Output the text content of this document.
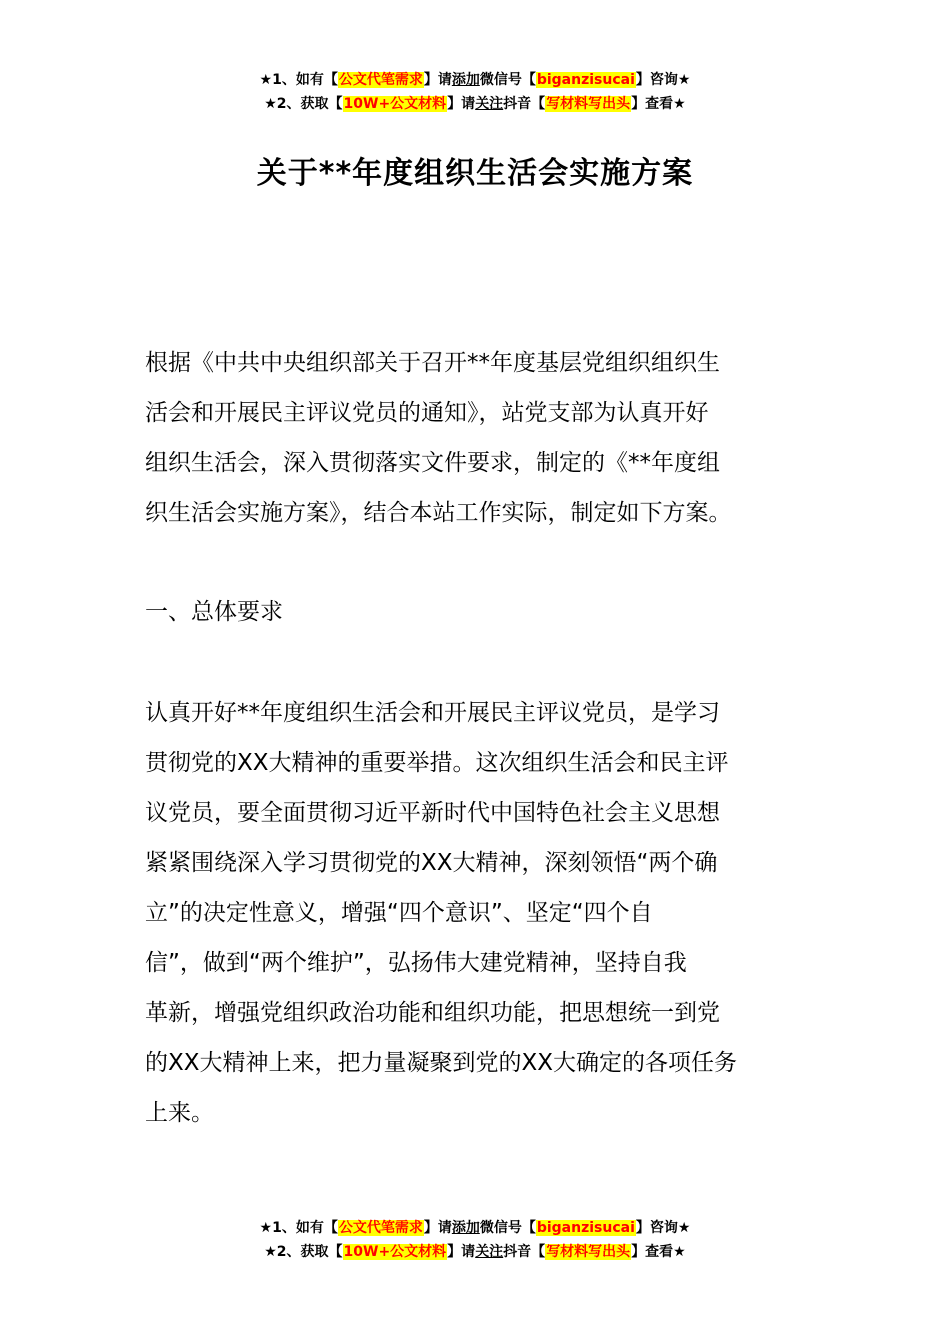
★1、如有【公文代笔需求】请添加微信号【biganzisucai】咨询★
★2、获取【10W+公文材料】请关注抖音【写材料写出头】查看★
关于**年度组织生活会实施方案

根据《中共中央组织部关于召开**年度基层党组织组织生

活会和开展民主评议党员的通知》，站党支部为认真开好

组织生活会，深入贯彻落实文件要求，制定的《**年度组

织生活会实施方案》，结合本站工作实际，制定如下方案。

一、总体要求

认真开好**年度组织生活会和开展民主评议党员，是学习

贯彻党的XX大精神的重要举措。这次组织生活会和民主评

议党员，要全面贯彻习近平新时代中国特色社会主义思想

紧紧围绕深入学习贯彻党的XX大精神，深刻领悟“两个确

立”的决定性意义，增强“四个意识”、坚定“四个自

信”，做到“两个维护”，弘扬伟大建党精神，坚持自我

革新，增强党组织政治功能和组织功能，把思想统一到党

的XX大精神上来，把力量凝聚到党的XX大确定的各项任务

上来。

★1、如有【公文代笔需求】请添加微信号【biganzisucai】咨询★
★2、获取【10W+公文材料】请关注抖音【写材料写出头】查看★
